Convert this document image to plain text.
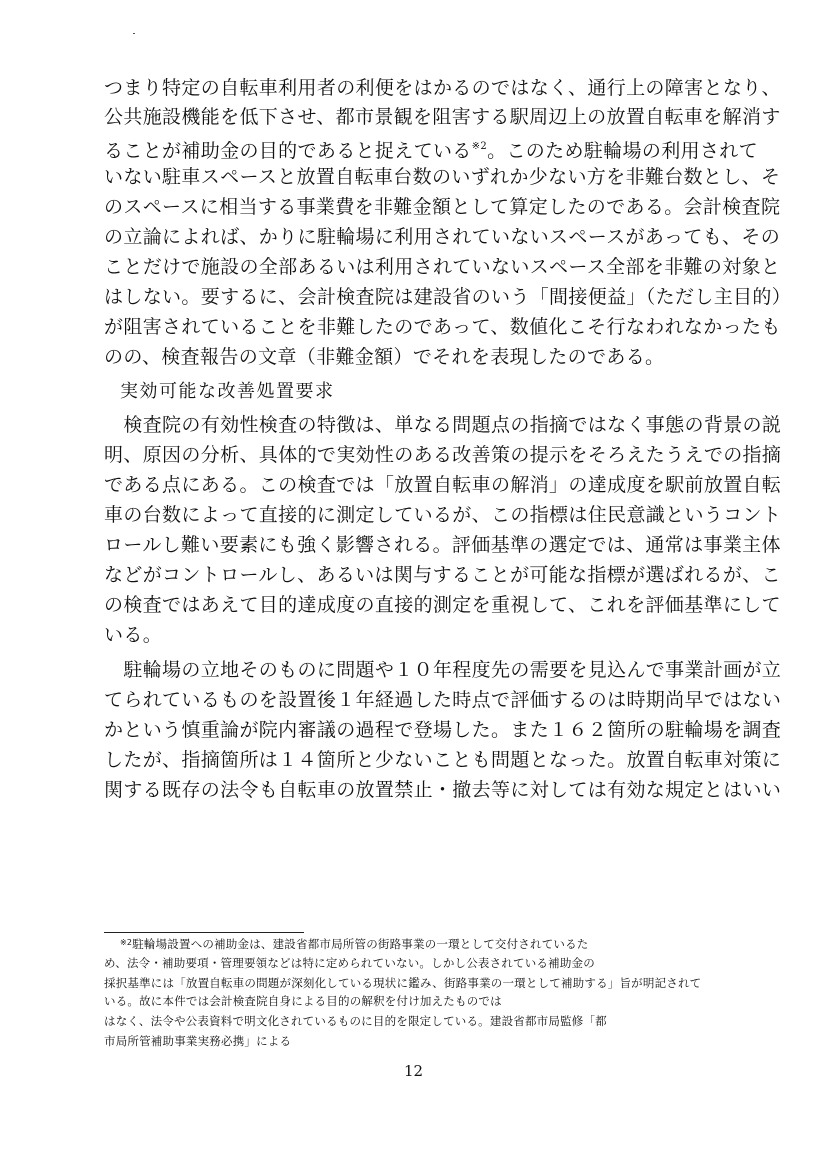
つまり特定の自転車利用者の利便をはかるのではなく、通行上の障害となり、
公共施設機能を低下させ、都市景観を阻害する駅周辺上の放置自転車を解消す
ることが補助金の目的であると捉えている$^{※2}$。このため駐輪場の利用されて
いない駐車スペースと放置自転車台数のいずれか少ない方を非難台数とし、そ
のスペースに相当する事業費を非難金額として算定したのである。会計検査院
の立論によれば、かりに駐輪場に利用されていないスペースがあっても、その
ことだけで施設の全部あるいは利用されていないスペース全部を非難の対象と
はしない。要するに、会計検査院は建設省のいう「間接便益」（ただし主目的）
が阻害されていることを非難したのであって、数値化こそ行なわれなかったも
のの、検査報告の文章（非難金額）でそれを表現したのである。
実効可能な改善処置要求
　検査院の有効性検査の特徴は、単なる問題点の指摘ではなく事態の背景の説
明、原因の分析、具体的で実効性のある改善策の提示をそろえたうえでの指摘
である点にある。この検査では「放置自転車の解消」の達成度を駅前放置自転
車の台数によって直接的に測定しているが、この指標は住民意識というコント
ロールし難い要素にも強く影響される。評価基準の選定では、通常は事業主体
などがコントロールし、あるいは関与することが可能な指標が選ばれるが、こ
の検査ではあえて目的達成度の直接的測定を重視して、これを評価基準にして
いる。
　駐輪場の立地そのものに問題や１０年程度先の需要を見込んで事業計画が立
てられているものを設置後１年経過した時点で評価するのは時期尚早ではない
かという慎重論が院内審議の過程で登場した。また１６２箇所の駐輪場を調査
したが、指摘箇所は１４箇所と少ないことも問題となった。放置自転車対策に
関する既存の法令も自転車の放置禁止・撤去等に対しては有効な規定とはいい
$^{※2}$駐輪場設置への補助金は、建設省都市局所管の街路事業の一環として交付されているた
め、法令・補助要項・管理要領などは特に定められていない。しかし公表されている補助金の
採択基準には「放置自転車の問題が深刻化している現状に鑑み、街路事業の一環として補助する」旨が明記されている。故に本件では会計検査院自身による目的の解釈を付け加えたものでは
はなく、法令や公表資料で明文化されているものに目的を限定している。建設省都市局監修「都
市局所管補助事業実務必携」による
12
